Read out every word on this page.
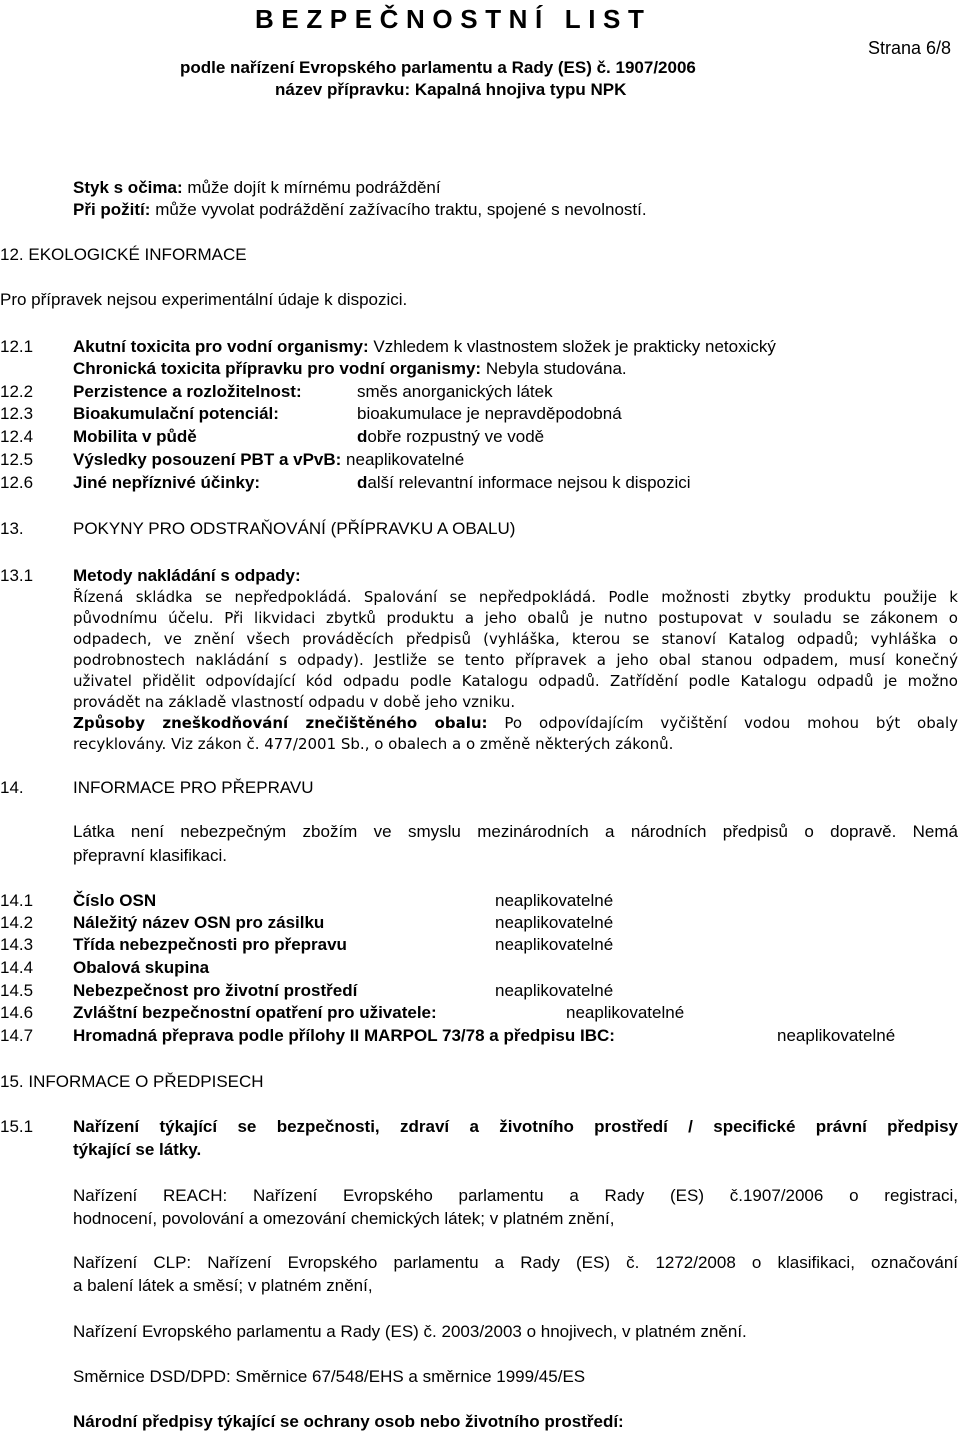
BEZPEČNOSTNÍ LIST
podle nařízení Evropského parlamentu a Rady (ES) č. 1907/2006
název přípravku: Kapalná hnojiva typu NPK
Strana 6/8
Styk s očima: může dojít k mírnému podráždění
Při požití: může vyvolat podráždění zažívacího traktu, spojené s nevolností.
12. EKOLOGICKÉ INFORMACE
Pro přípravek nejsou experimentální údaje k dispozici.
12.1 Akutní toxicita pro vodní organismy: Vzhledem k vlastnostem složek je prakticky netoxický
Chronická toxicita přípravku pro vodní organismy: Nebyla studována.
12.2 Perzistence a rozložitelnost:	směs anorganických látek
12.3 Bioakumulační potenciál:	bioakumulace je nepravděpodobná
12.4 Mobilita v půdě	dobře rozpustný ve vodě
12.5 Výsledky posouzení PBT a vPvB: neaplikovatelné
12.6 Jiné nepříznivé účinky:	další relevantní informace nejsou k dispozici
13.	POKYNY PRO ODSTRAŇOVÁNÍ (PŘÍPRAVKU A OBALU)
13.1 Metody nakládání s odpady:
Řízená skládka se nepředpokládá. Spalování se nepředpokládá. Podle možnosti zbytky produktu použije k
původnímu účelu. Při likvidaci zbytků produktu a jeho obalů je nutno postupovat v souladu se zákonem o
odpadech, ve znění všech prováděcích předpisů (vyhláška, kterou se stanoví Katalog odpadů; vyhláška o
podrobnostech nakládání s odpady). Jestliže se tento přípravek a jeho obal stanou odpadem, musí konečný
uživatel přidělit odpovídající kód odpadu podle Katalogu odpadů. Zatřídění podle Katalogu odpadů je možno
provádět na základě vlastností odpadu v době jeho vzniku.
Způsoby zneškodňování znečištěného obalu: Po odpovídajícím vyčištění vodou mohou být obaly
recyklovány. Viz zákon č. 477/2001 Sb., o obalech a o změně některých zákonů.
14.	INFORMACE PRO PŘEPRAVU
Látka není nebezpečným zbožím ve smyslu mezinárodních a národních předpisů o dopravě. Nemá
přepravní klasifikaci.
14.1 Číslo OSN	neaplikovatelné
14.2 Náležitý název OSN pro zásilku	neaplikovatelné
14.3 Třída nebezpečnosti pro přepravu	neaplikovatelné
14.4 Obalová skupina
14.5 Nebezpečnost pro životní prostředí	neaplikovatelné
14.6 Zvláštní bezpečnostní opatření pro uživatele:	neaplikovatelné
14.7 Hromadná přeprava podle přílohy II MARPOL 73/78 a předpisu IBC:	neaplikovatelné
15. INFORMACE O PŘEDPISECH
15.1 Nařízení týkající se bezpečnosti, zdraví a životního prostředí / specifické právní předpisy
týkající se látky.
Nařízení REACH: Nařízení Evropského parlamentu a Rady (ES) č.1907/2006 o registraci,
hodnocení, povolování a omezování chemických látek; v platném znění,
Nařízení CLP: Nařízení Evropského parlamentu a Rady (ES) č. 1272/2008 o klasifikaci, označování
a balení látek a směsí; v platném znění,
Nařízení Evropského parlamentu a Rady (ES) č. 2003/2003 o hnojivech, v platném znění.
Směrnice DSD/DPD: Směrnice 67/548/EHS a směrnice 1999/45/ES
Národní předpisy týkající se ochrany osob nebo životního prostředí:
